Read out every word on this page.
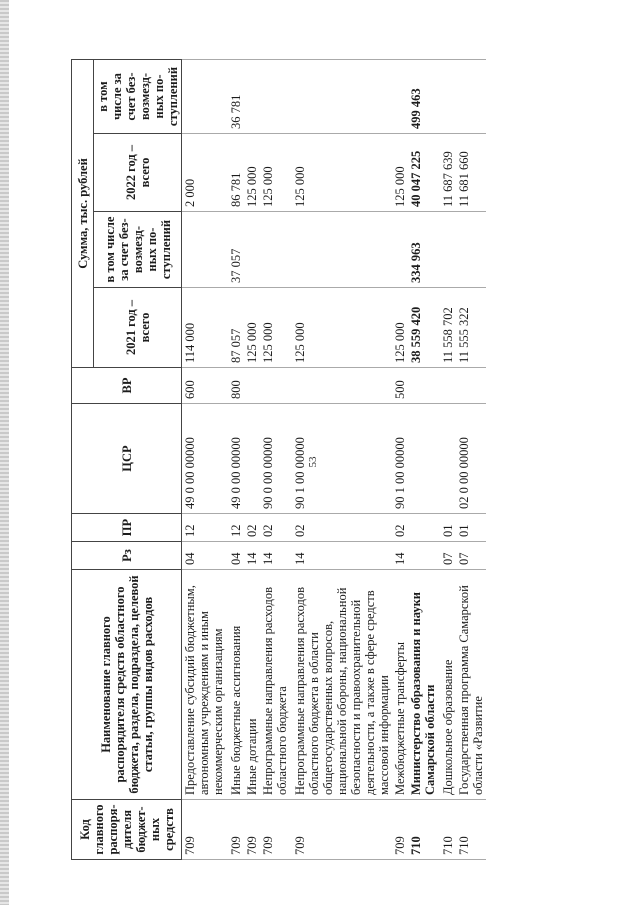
53
Код главного распоря-дителя бюджет-ных средств	Наименование главного распорядителя средств областного бюджета, раздела, подраздела, целевой статьи, группы видов расходов	Рз	ПР	ЦСР	ВР	Сумма, тыс. рублей			
						2021 год – всего	в том числе за счет без-возмезд-ных по-ступлений	2022 год – всего	в том числе за счет без-возмезд-ных по-ступлений
709	Предоставление субсидий бюджетным, автономным учреждениям и иным некоммерческим организациям	04	12	49 0 00 00000	600	114 000		2 000	
709	Иные бюджетные ассигнования	04	12	49 0 00 00000	800	87 057	37 057	86 781	36 781
709	Иные дотации	14	02			125 000		125 000	
709	Непрограммные направления расходов областного бюджета	14	02	90 0 00 00000		125 000		125 000	
709	Непрограммные направления расходов областного бюджета в области общегосударственных вопросов, национальной обороны, национальной безопасности и правоохранительной деятельности, а также в сфере средств массовой информации	14	02	90 1 00 00000		125 000		125 000	
709	Межбюджетные трансферты	14	02	90 1 00 00000	500	125 000		125 000	
710	Министерство образования и науки Самарской области					38 559 420	334 963	40 047 225	499 463
710	Дошкольное образование	07	01			11 558 702		11 687 639	
710	Государственная программа Самарской области «Развитие	07	01	02 0 00 00000		11 555 322		11 681 660	
